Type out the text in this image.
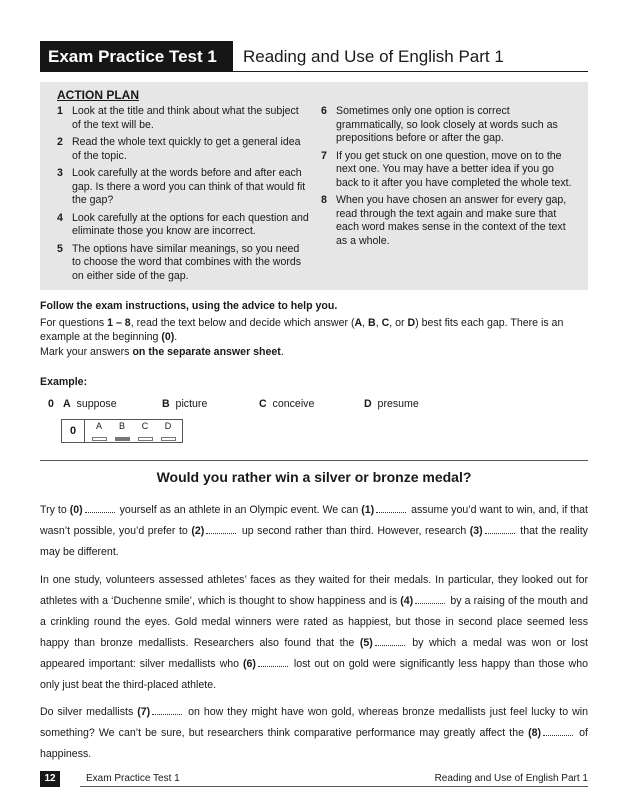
Exam Practice Test 1	Reading and Use of English Part 1
ACTION PLAN
1 Look at the title and think about what the subject of the text will be.
2 Read the whole text quickly to get a general idea of the topic.
3 Look carefully at the words before and after each gap. Is there a word you can think of that would fit the gap?
4 Look carefully at the options for each question and eliminate those you know are incorrect.
5 The options have similar meanings, so you need to choose the word that combines with the words on either side of the gap.
6 Sometimes only one option is correct grammatically, so look closely at words such as prepositions before or after the gap.
7 If you get stuck on one question, move on to the next one. You may have a better idea if you go back to it after you have completed the whole text.
8 When you have chosen an answer for every gap, read through the text again and make sure that each word makes sense in the context of the text as a whole.
Follow the exam instructions, using the advice to help you.
For questions 1 – 8, read the text below and decide which answer (A, B, C, or D) best fits each gap. There is an example at the beginning (0).
Mark your answers on the separate answer sheet.
Example:
0 A suppose	B picture	C conceive	D presume
0	A	B	C	D
Would you rather win a silver or bronze medal?
Try to (0)	yourself as an athlete in an Olympic event. We can (1)	assume you’d want to win, and, if that wasn’t possible, you’d prefer to (2)	up second rather than third. However, research (3)	that the reality may be different.
In one study, volunteers assessed athletes’ faces as they waited for their medals. In particular, they looked out for athletes with a ‘Duchenne smile’, which is thought to show happiness and is (4)	by a raising of the mouth and a crinkling round the eyes. Gold medal winners were rated as happiest, but those in second place seemed less happy than bronze medallists. Researchers also found that the (5)	by which a medal was won or lost appeared important: silver medallists who (6)	lost out on gold were significantly less happy than those who only just beat the third-placed athlete.
Do silver medallists (7)	on how they might have won gold, whereas bronze medallists just feel lucky to win something? We can’t be sure, but researchers think comparative performance may greatly affect the (8)	of happiness.
12	Exam Practice Test 1	Reading and Use of English Part 1
